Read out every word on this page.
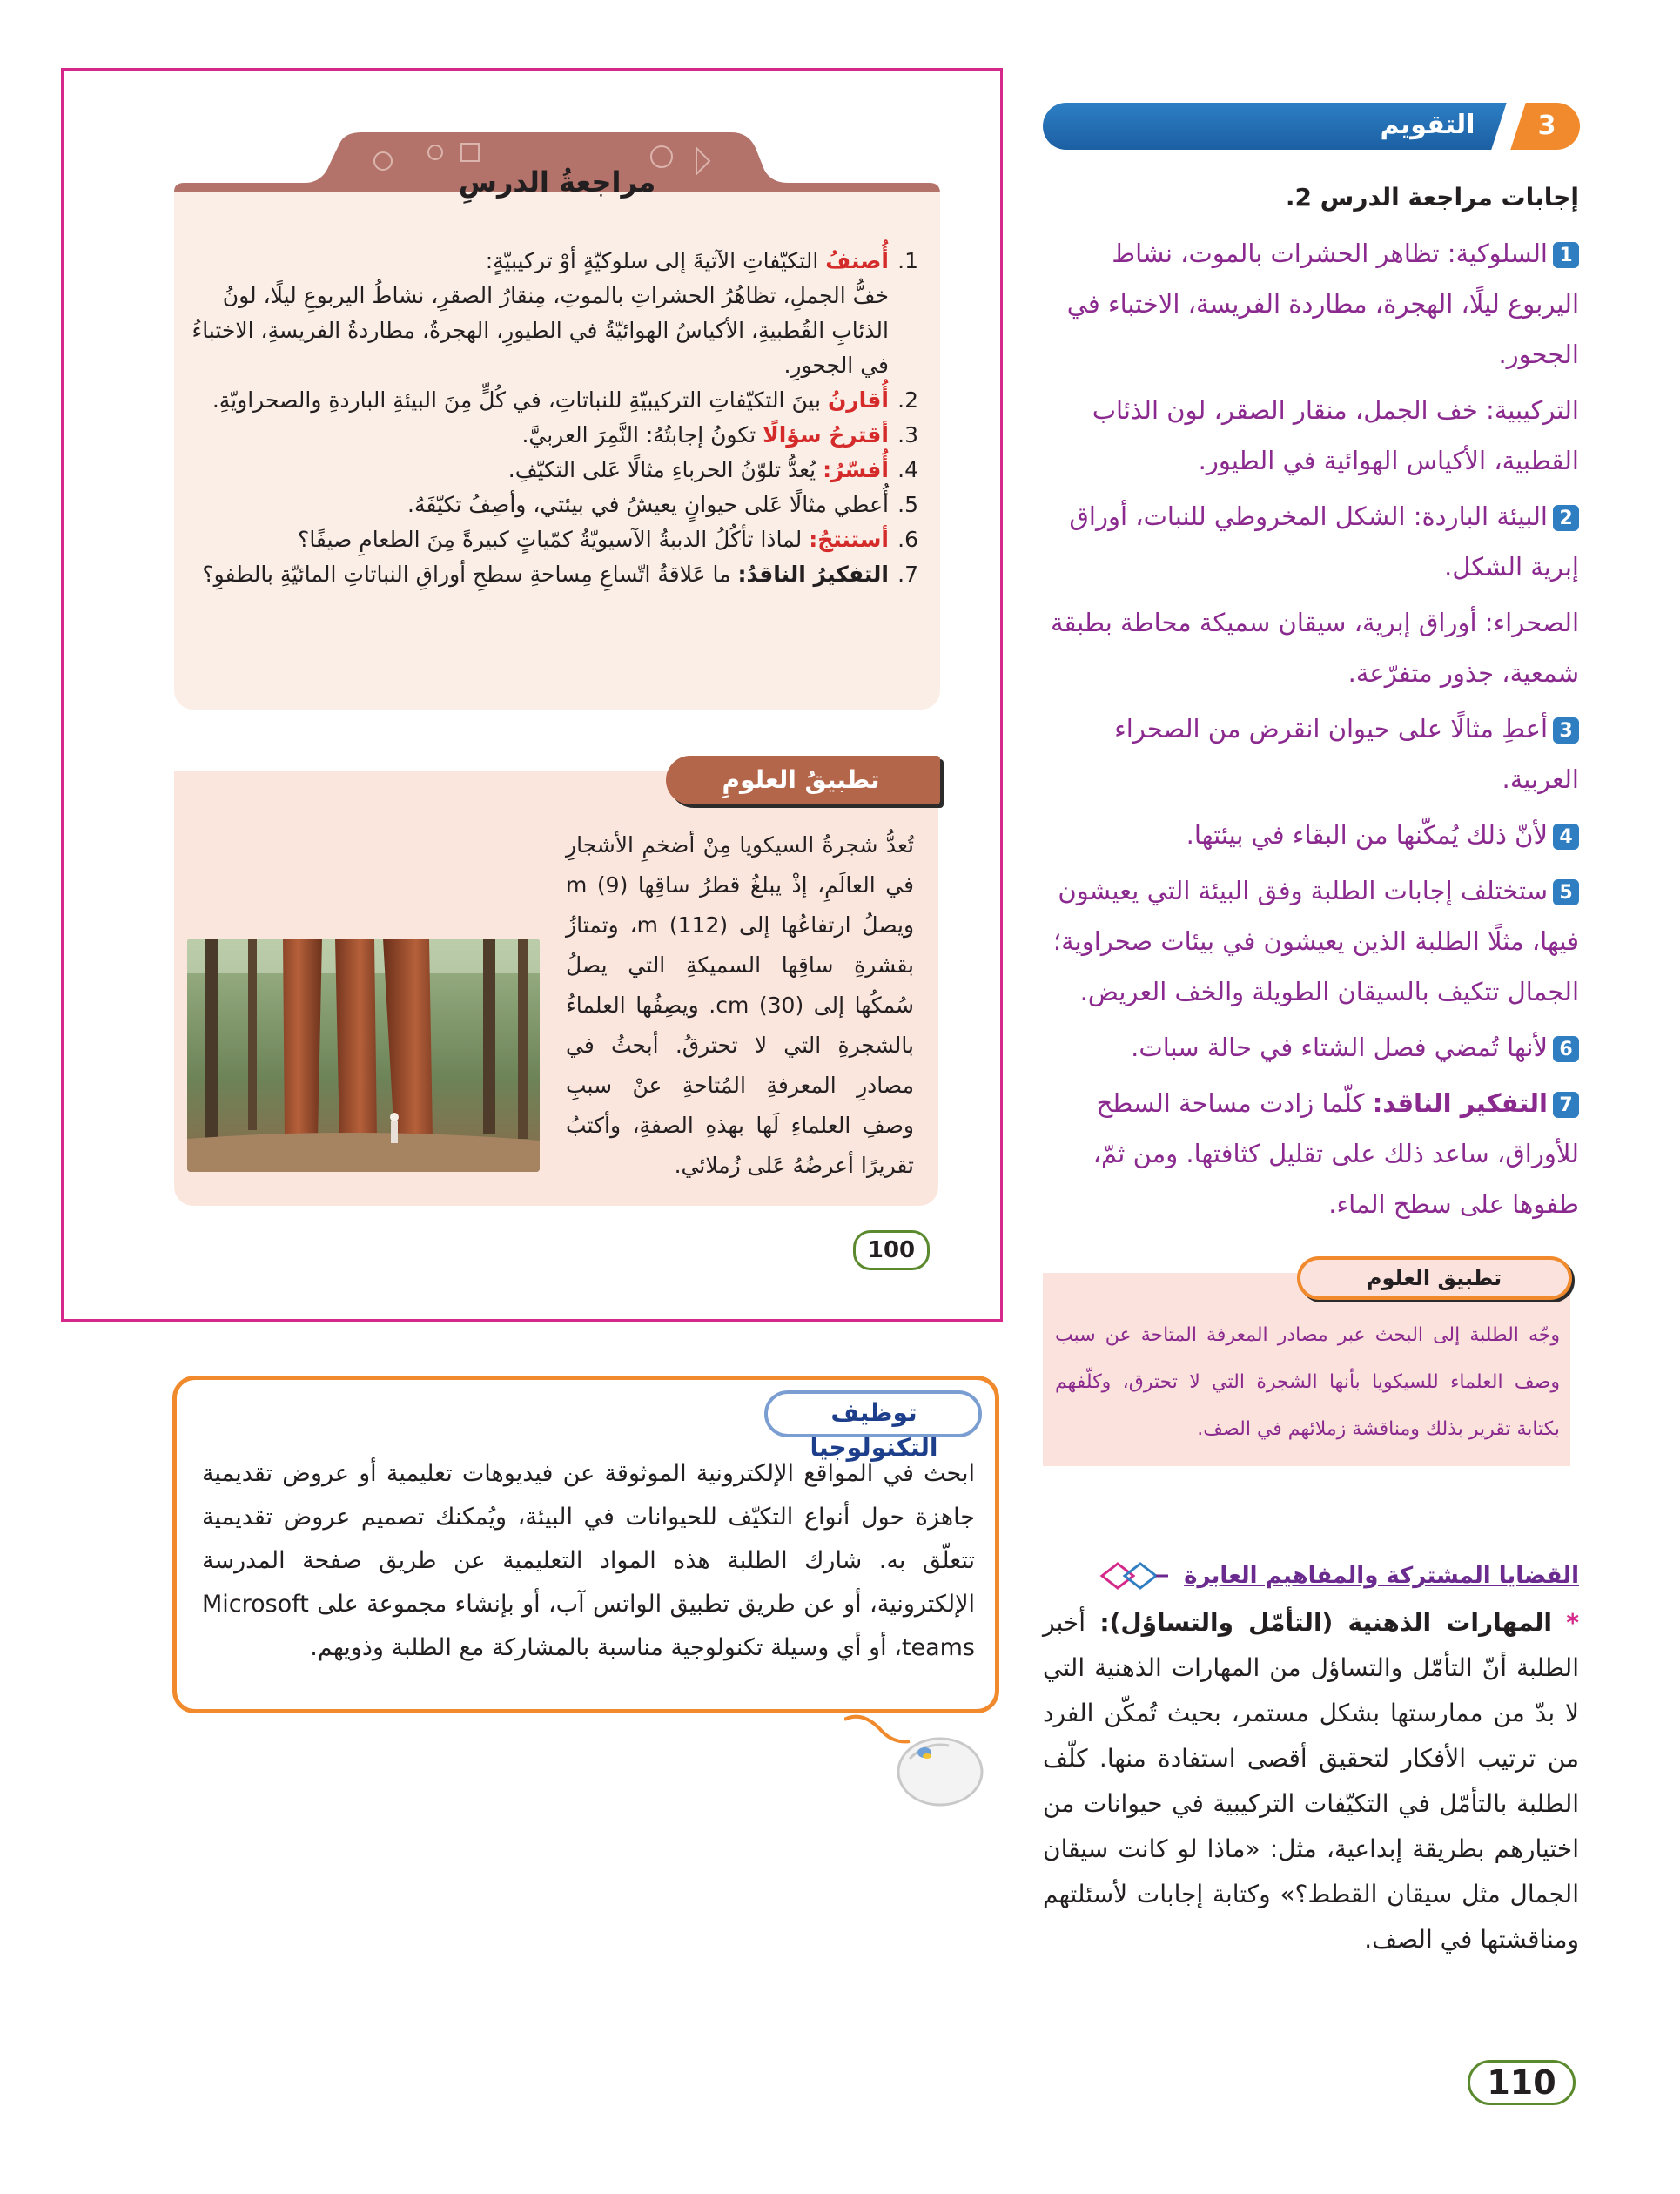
مراجعةُ الدرسِ
1.أُصنفُ التكيّفاتِ الآتيةَ إلى سلوكيّةٍ أوْ تركيبيّةٍ:
خفُّ الجملِ، تظاهُرُ الحشراتِ بالموتِ، مِنقارُ الصقرِ، نشاطُ اليربوعِ ليلًا، لونُ الذئابِ القُطبيةِ، الأكياسُ الهوائيّةُ في الطيورِ، الهجرةُ، مطاردةُ الفريسةِ، الاختباءُ في الجحورِ.
2.أُقارنُ بينَ التكيّفاتِ التركيبيّةِ للنباتاتِ، في كُلٍّ مِنَ البيئةِ الباردةِ والصحراويّةِ.
3.أقترحُ سؤالًا تكونُ إجابتُهُ: النَّمِرَ العربيَّ.
4.أُفسّرُ: يُعدُّ تلوّنُ الحرباءِ مثالًا عَلى التكيّفِ.
5.أُعطي مثالًا عَلى حيوانٍ يعيشُ في بيئتي، وأصِفُ تكيّفَهُ.
6.أستنتجُ: لماذا تأكُلُ الدببةُ الآسيويّةُ كمّياتٍ كبيرةً مِنَ الطعامِ صيفًا؟
7.التفكيرُ الناقدُ: ما عَلاقةُ اتّساعِ مِساحةِ سطحِ أوراقِ النباتاتِ المائيّةِ بالطفوِ؟
تطبيقُ العلومِ
تُعدُّ شجرةُ السيكويا مِنْ أضخمِ الأشجارِ في العالَمِ، إذْ يبلغُ قطرُ ساقِها (9) m ويصلُ ارتفاعُها إلى (112) m، وتمتازُ بقشرةِ ساقِها السميكةِ التي يصلُ سُمكُها إلى (30) cm. ويصِفُها العلماءُ بالشجرةِ التي لا تحترقُ. أبحثُ في مصادرِ المعرفةِ المُتاحةِ عنْ سببِ وصفِ العلماءِ لَها بهذهِ الصفةِ، وأكتبُ تقريرًا أعرضُهُ عَلى زُملائي.
100
توظيف التكنولوجيا
ابحث في المواقع الإلكترونية الموثوقة عن فيديوهات تعليمية أو عروض تقديمية جاهزة حول أنواع التكيّف للحيوانات في البيئة، ويُمكنك تصميم عروض تقديمية تتعلّق به. شارك الطلبة هذه المواد التعليمية عن طريق صفحة المدرسة الإلكترونية، أو عن طريق تطبيق الواتس آب، أو بإنشاء مجموعة على Microsoft teams، أو أي وسيلة تكنولوجية مناسبة بالمشاركة مع الطلبة وذويهم.
3
التقويم
إجابات مراجعة الدرس 2.
1السلوكية: تظاهر الحشرات بالموت، نشاط اليربوع ليلًا، الهجرة، مطاردة الفريسة، الاختباء في الجحور.
التركيبية: خف الجمل، منقار الصقر، لون الذئاب القطبية، الأكياس الهوائية في الطيور.
2البيئة الباردة: الشكل المخروطي للنبات، أوراق إبرية الشكل.
الصحراء: أوراق إبرية، سيقان سميكة محاطة بطبقة شمعية، جذور متفرّعة.
3أعطِ مثالًا على حيوان انقرض من الصحراء العربية.
4لأنّ ذلك يُمكّنها من البقاء في بيئتها.
5ستختلف إجابات الطلبة وفق البيئة التي يعيشون فيها، مثلًا الطلبة الذين يعيشون في بيئات صحراوية؛ الجمال تتكيف بالسيقان الطويلة والخف العريض.
6لأنها تُمضي فصل الشتاء في حالة سبات.
7التفكير الناقد: كلّما زادت مساحة السطح للأوراق، ساعد ذلك على تقليل كثافتها. ومن ثمّ، طفوها على سطح الماء.
تطبيق العلوم
وجّه الطلبة إلى البحث عبر مصادر المعرفة المتاحة عن سبب وصف العلماء للسيكويا بأنها الشجرة التي لا تحترق، وكلّفهم بكتابة تقرير بذلك ومناقشة زملائهم في الصف.
القضايا المشتركة والمفاهيم العابرة
* المهارات الذهنية (التأمّل والتساؤل): أخبر الطلبة أنّ التأمّل والتساؤل من المهارات الذهنية التي لا بدّ من ممارستها بشكل مستمر، بحيث تُمكّن الفرد من ترتيب الأفكار لتحقيق أقصى استفادة منها. كلّف الطلبة بالتأمّل في التكيّفات التركيبية في حيوانات من اختيارهم بطريقة إبداعية، مثل: «ماذا لو كانت سيقان الجمال مثل سيقان القطط؟» وكتابة إجابات لأسئلتهم ومناقشتها في الصف.
110
